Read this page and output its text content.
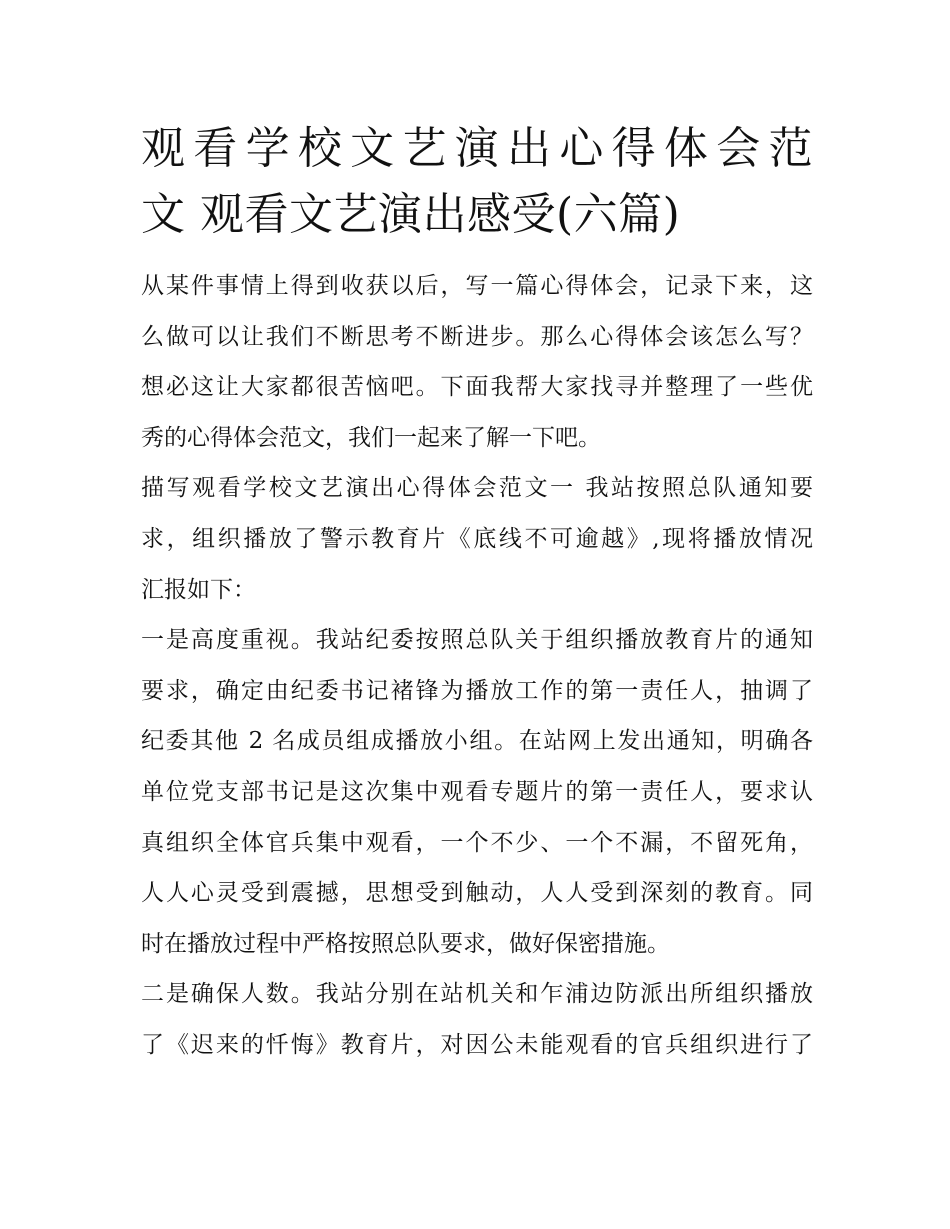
观看学校文艺演出心得体会范
文 观看文艺演出感受(六篇)

从某件事情上得到收获以后，写一篇心得体会，记录下来，这
么做可以让我们不断思考不断进步。那么心得体会该怎么写？
想必这让大家都很苦恼吧。下面我帮大家找寻并整理了一些优
秀的心得体会范文，我们一起来了解一下吧。

描写观看学校文艺演出心得体会范文一 我站按照总队通知要
求，组织播放了警示教育片《底线不可逾越》,现将播放情况
汇报如下：

一是高度重视。我站纪委按照总队关于组织播放教育片的通知
要求，确定由纪委书记褚锋为播放工作的第一责任人，抽调了
纪委其他 2 名成员组成播放小组。在站网上发出通知，明确各
单位党支部书记是这次集中观看专题片的第一责任人，要求认
真组织全体官兵集中观看，一个不少、一个不漏，不留死角，
人人心灵受到震撼，思想受到触动，人人受到深刻的教育。同
时在播放过程中严格按照总队要求，做好保密措施。

二是确保人数。我站分别在站机关和乍浦边防派出所组织播放
了《迟来的忏悔》教育片，对因公未能观看的官兵组织进行了
